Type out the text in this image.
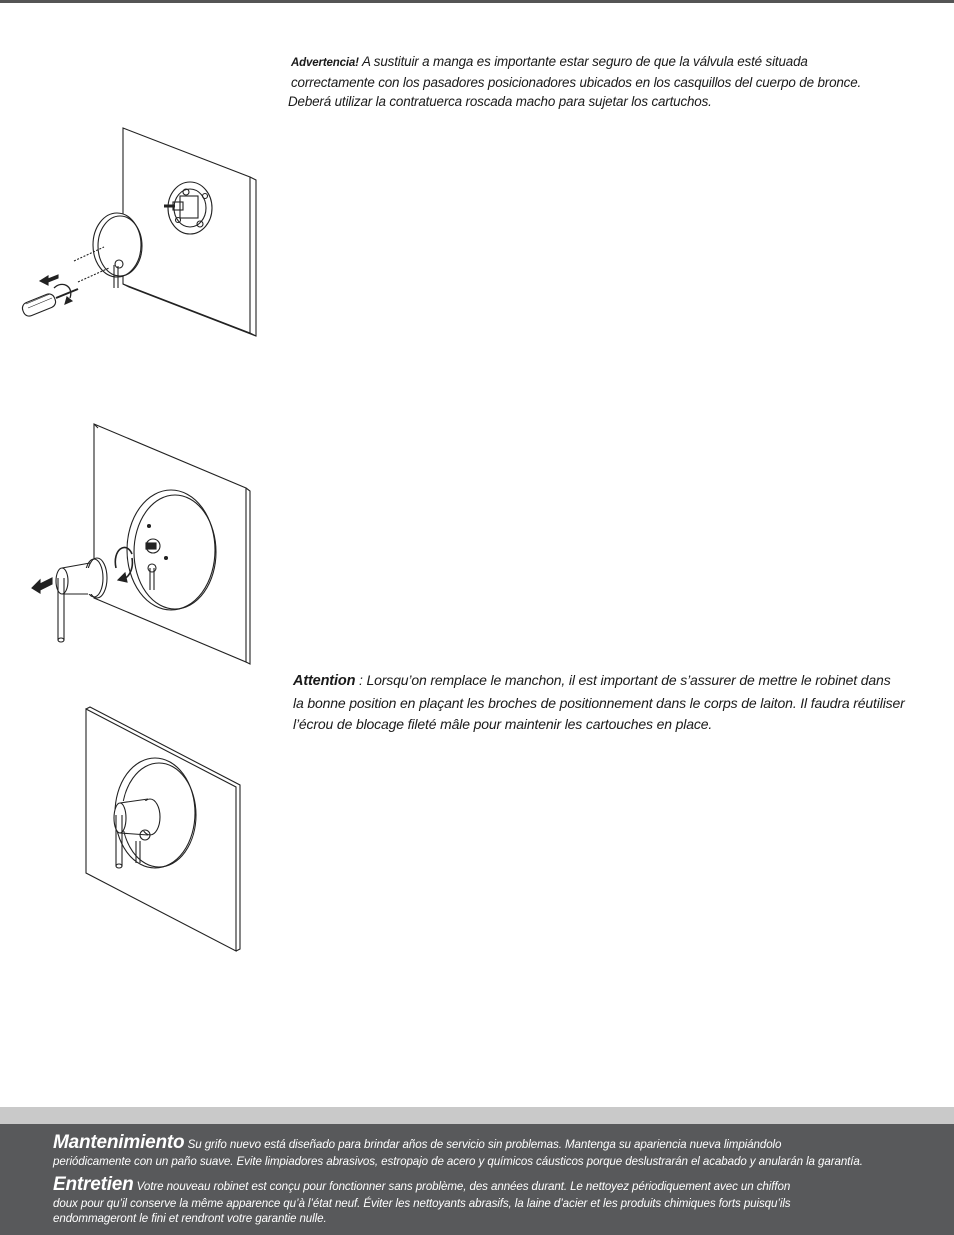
Advertencia! A sustituir a manga es importante estar seguro de que la válvula esté situada
correctamente con los pasadores posicionadores ubicados en los casquillos del cuerpo de bronce.
Deberá utilizar la contratuerca roscada macho para sujetar los cartuchos.
Attention : Lorsqu’on remplace le manchon, il est important de s’assurer de mettre le robinet dans
la bonne position en plaçant les broches de positionnement dans le corps de laiton. Il faudra réutiliser
l’écrou de blocage fileté mâle pour maintenir les cartouches en place.
Mantenimiento Su grifo nuevo está diseñado para brindar años de servicio sin problemas. Mantenga su apariencia nueva limpiándolo
periódicamente con un paño suave. Evite limpiadores abrasivos, estropajo de acero y químicos cáusticos porque deslustrarán el acabado y anularán la garantía.
Entretien Votre nouveau robinet est conçu pour fonctionner sans problème, des années durant. Le nettoyez périodiquement avec un chiffon
doux pour qu’il conserve la même apparence qu’à l’état neuf. Éviter les nettoyants abrasifs, la laine d’acier et les produits chimiques forts puisqu’ils
endommageront le fini et rendront votre garantie nulle.
